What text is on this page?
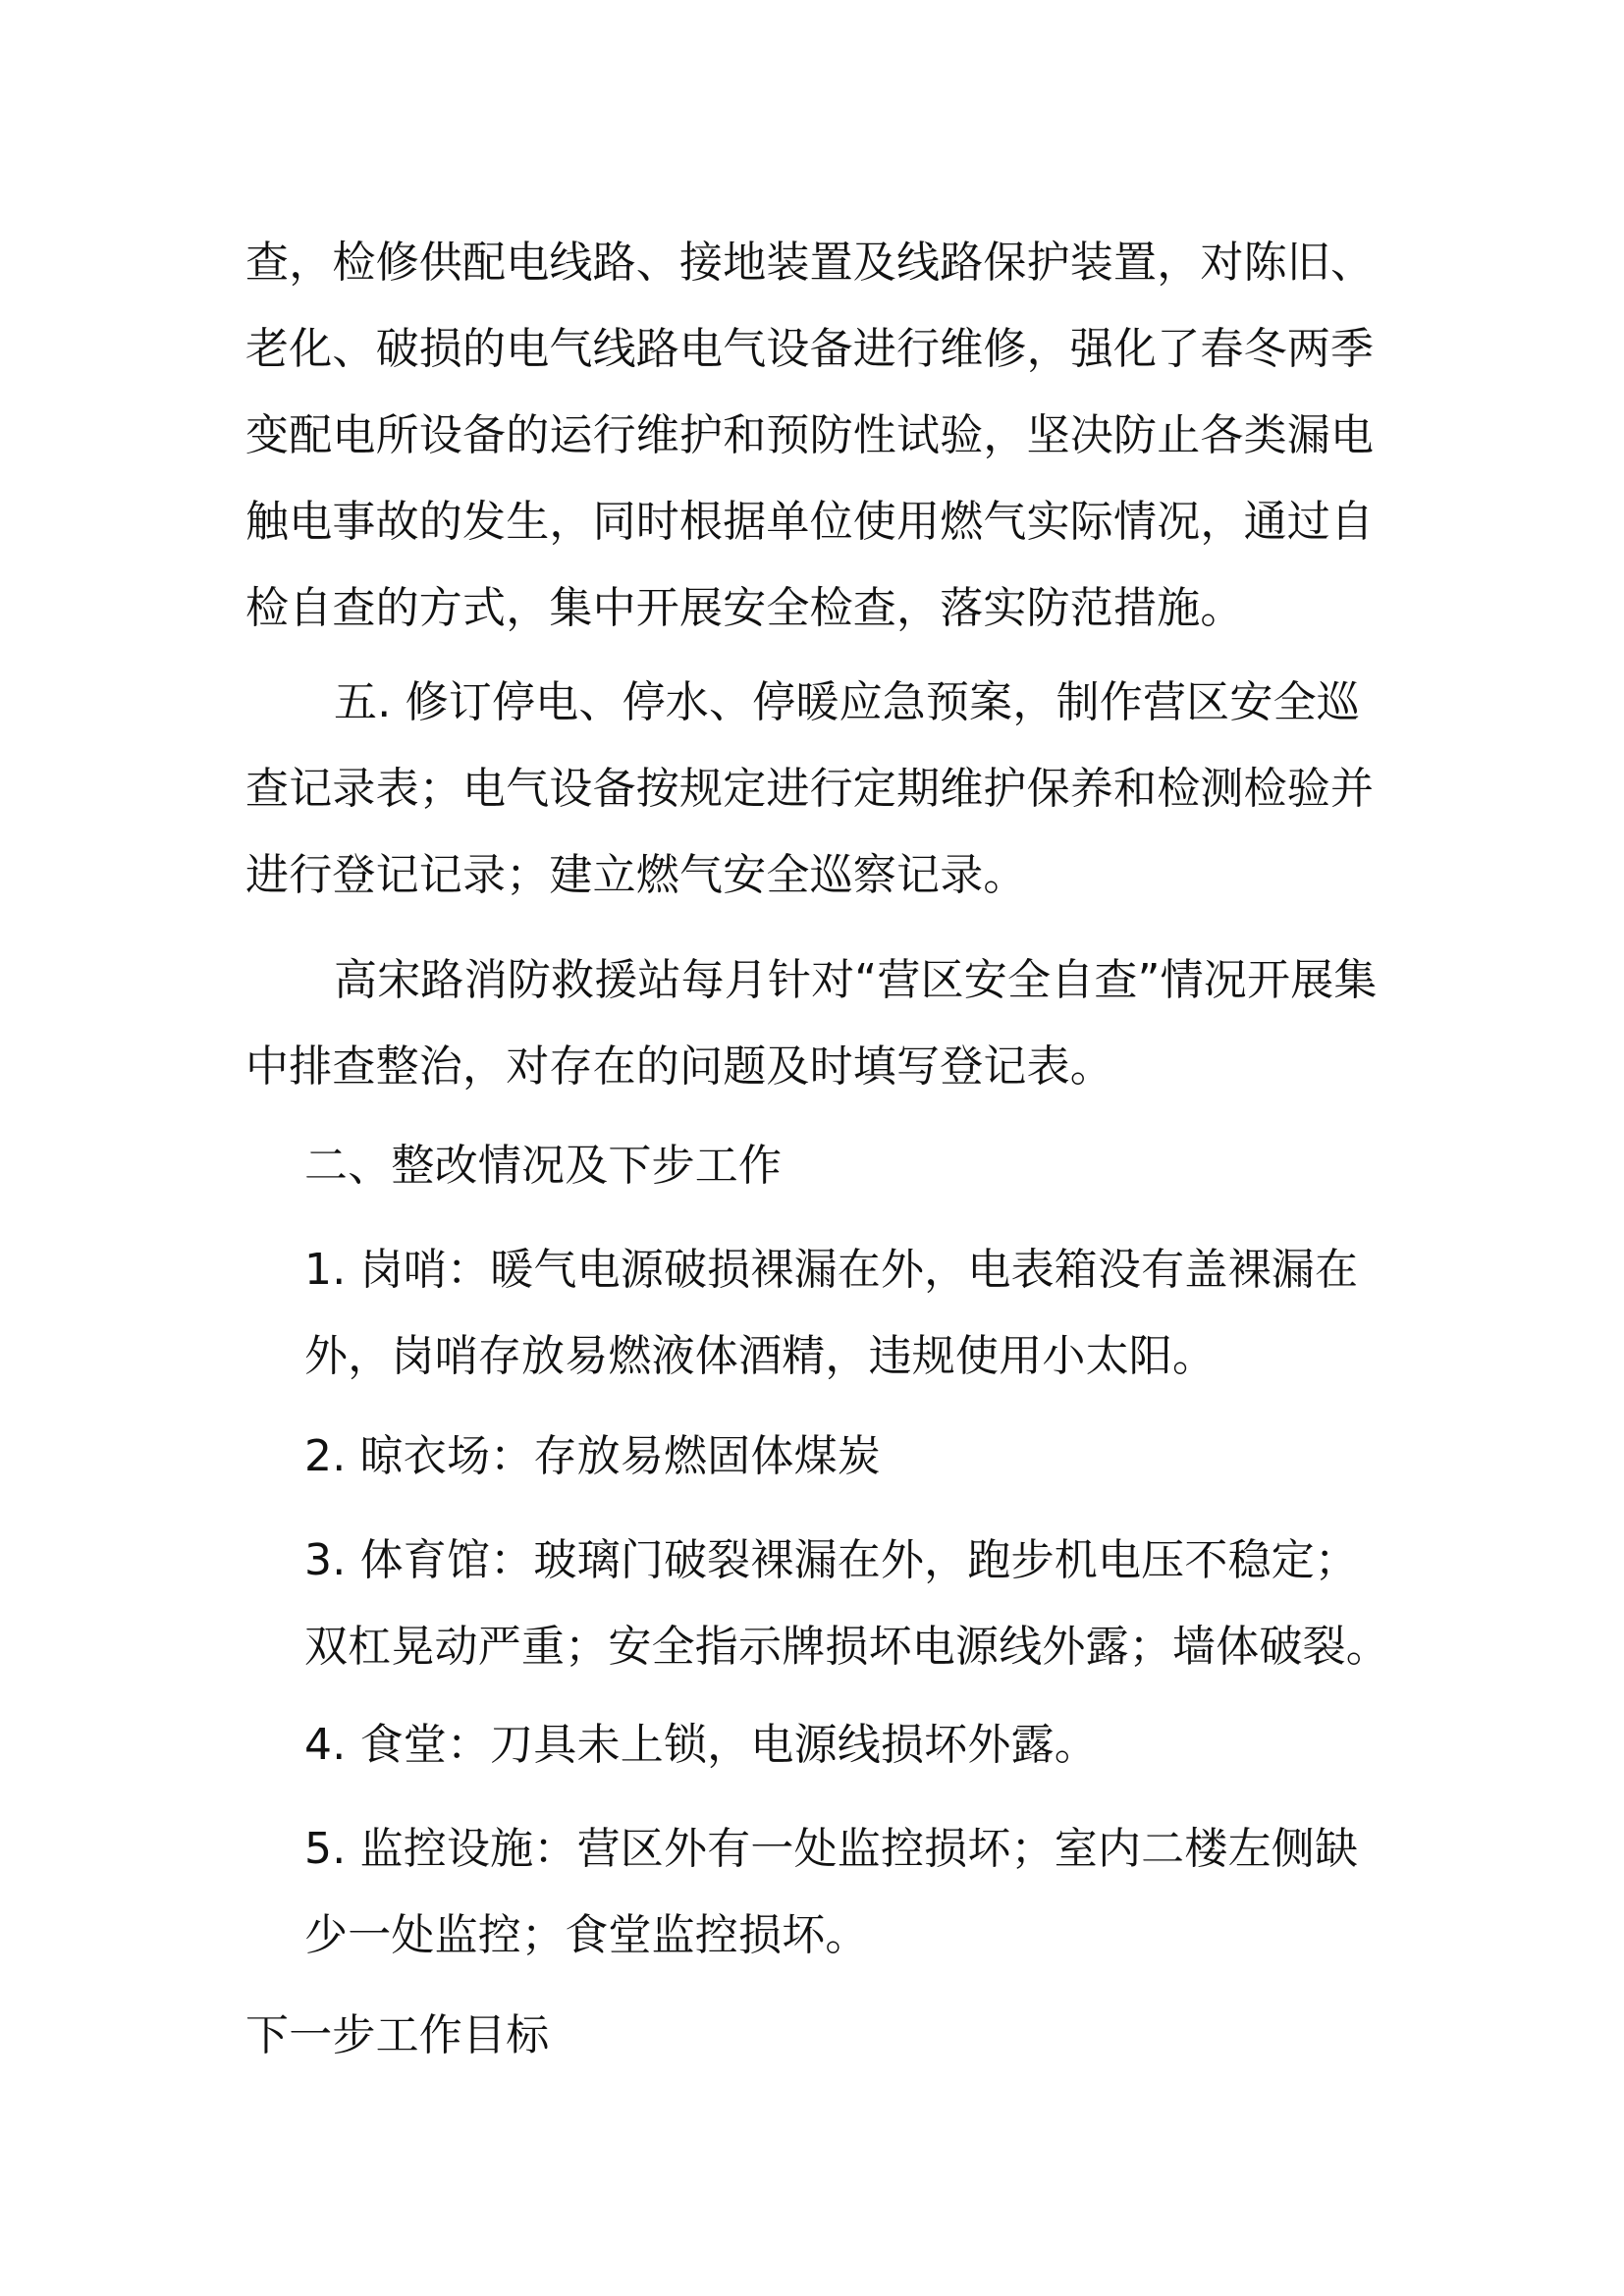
查，检修供配电线路、接地装置及线路保护装置，对陈旧、老化、破损的电气线路电气设备进行维修，强化了春冬两季变配电所设备的运行维护和预防性试验，坚决防止各类漏电触电事故的发生，同时根据单位使用燃气实际情况，通过自检自查的方式，集中开展安全检查，落实防范措施。

五. 修订停电、停水、停暖应急预案，制作营区安全巡查记录表；电气设备按规定进行定期维护保养和检测检验并进行登记记录；建立燃气安全巡察记录。

高宋路消防救援站每月针对“营区安全自查”情况开展集中排查整治，对存在的问题及时填写登记表。

二、整改情况及下步工作

1. 岗哨：暖气电源破损裸漏在外，电表箱没有盖裸漏在外，岗哨存放易燃液体酒精，违规使用小太阳。

2. 晾衣场：存放易燃固体煤炭

3. 体育馆：玻璃门破裂裸漏在外，跑步机电压不稳定；双杠晃动严重；安全指示牌损坏电源线外露；墙体破裂。

4. 食堂：刀具未上锁，电源线损坏外露。

5. 监控设施：营区外有一处监控损坏；室内二楼左侧缺少一处监控；食堂监控损坏。

下一步工作目标
